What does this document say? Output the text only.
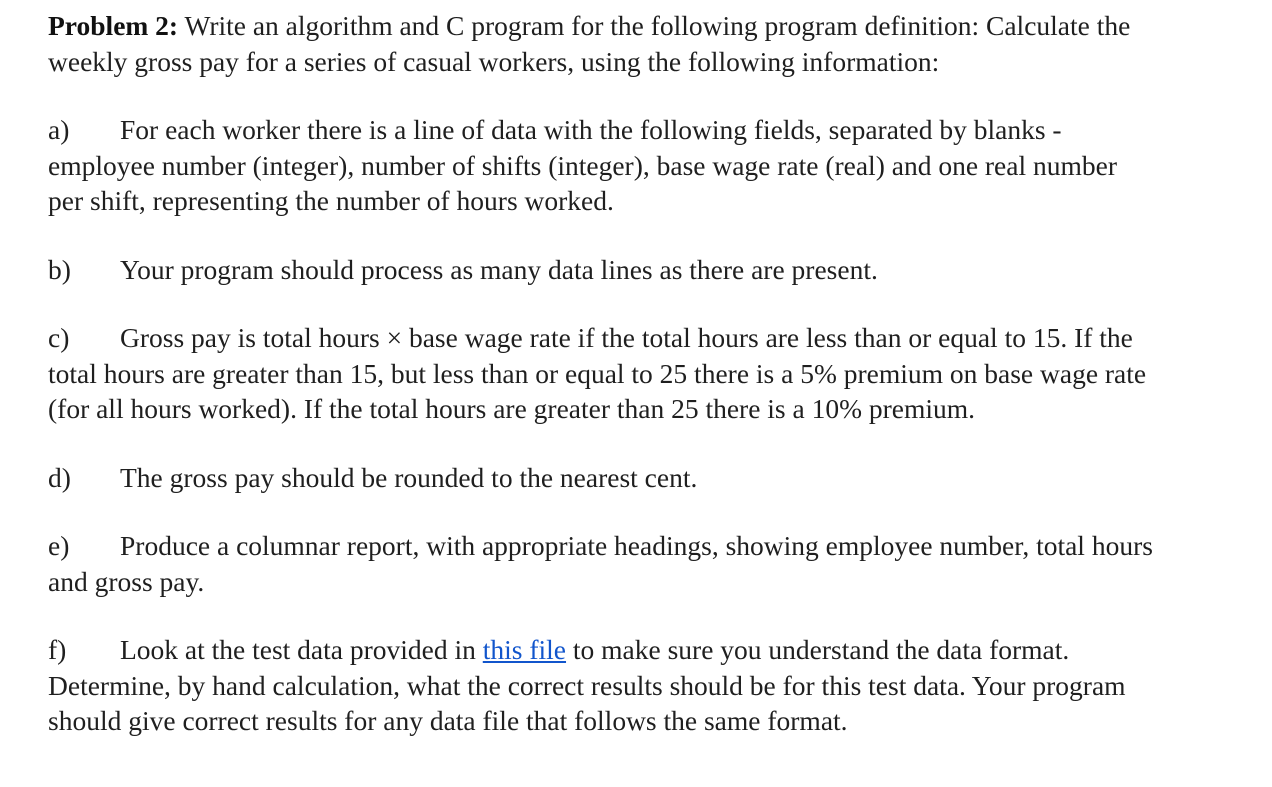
Problem 2: Write an algorithm and C program for the following program definition: Calculate the weekly gross pay for a series of casual workers, using the following information:

a) For each worker there is a line of data with the following fields, separated by blanks - employee number (integer), number of shifts (integer), base wage rate (real) and one real number per shift, representing the number of hours worked.

b) Your program should process as many data lines as there are present.

c) Gross pay is total hours × base wage rate if the total hours are less than or equal to 15. If the total hours are greater than 15, but less than or equal to 25 there is a 5% premium on base wage rate (for all hours worked). If the total hours are greater than 25 there is a 10% premium.

d) The gross pay should be rounded to the nearest cent.

e) Produce a columnar report, with appropriate headings, showing employee number, total hours and gross pay.

f) Look at the test data provided in this file to make sure you understand the data format. Determine, by hand calculation, what the correct results should be for this test data. Your program should give correct results for any data file that follows the same format.
